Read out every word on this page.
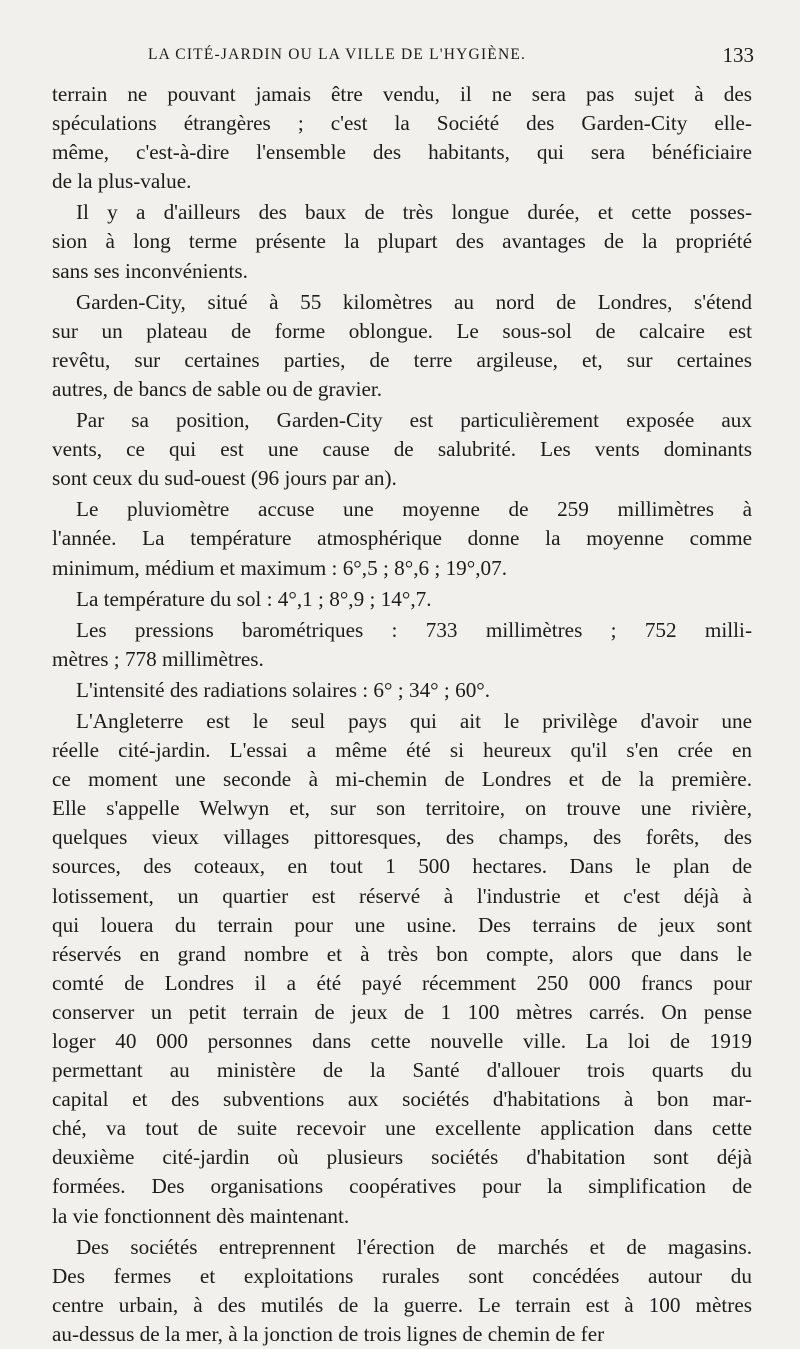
LA CITÉ-JARDIN OU LA VILLE DE L'HYGIÈNE.	133
terrain ne pouvant jamais être vendu, il ne sera pas sujet à des
spéculations étrangères ; c'est la Société des Garden-City elle-
même, c'est-à-dire l'ensemble des habitants, qui sera bénéficiaire
de la plus-value.
Il y a d'ailleurs des baux de très longue durée, et cette posses-
sion à long terme présente la plupart des avantages de la propriété
sans ses inconvénients.
Garden-City, situé à 55 kilomètres au nord de Londres, s'étend
sur un plateau de forme oblongue. Le sous-sol de calcaire est
revêtu, sur certaines parties, de terre argileuse, et, sur certaines
autres, de bancs de sable ou de gravier.
Par sa position, Garden-City est particulièrement exposée aux
vents, ce qui est une cause de salubrité. Les vents dominants
sont ceux du sud-ouest (96 jours par an).
Le pluviomètre accuse une moyenne de 259 millimètres à
l'année. La température atmosphérique donne la moyenne comme
minimum, médium et maximum : 6°,5 ; 8°,6 ; 19°,07.
La température du sol : 4°,1 ; 8°,9 ; 14°,7.
Les pressions barométriques : 733 millimètres ; 752 milli-
mètres ; 778 millimètres.
L'intensité des radiations solaires : 6° ; 34° ; 60°.
L'Angleterre est le seul pays qui ait le privilège d'avoir une
réelle cité-jardin. L'essai a même été si heureux qu'il s'en crée en
ce moment une seconde à mi-chemin de Londres et de la première.
Elle s'appelle Welwyn et, sur son territoire, on trouve une rivière,
quelques vieux villages pittoresques, des champs, des forêts, des
sources, des coteaux, en tout 1 500 hectares. Dans le plan de
lotissement, un quartier est réservé à l'industrie et c'est déjà à
qui louera du terrain pour une usine. Des terrains de jeux sont
réservés en grand nombre et à très bon compte, alors que dans le
comté de Londres il a été payé récemment 250 000 francs pour
conserver un petit terrain de jeux de 1 100 mètres carrés. On pense
loger 40 000 personnes dans cette nouvelle ville. La loi de 1919
permettant au ministère de la Santé d'allouer trois quarts du
capital et des subventions aux sociétés d'habitations à bon mar-
ché, va tout de suite recevoir une excellente application dans cette
deuxième cité-jardin où plusieurs sociétés d'habitation sont déjà
formées. Des organisations coopératives pour la simplification de
la vie fonctionnent dès maintenant.
Des sociétés entreprennent l'érection de marchés et de magasins.
Des fermes et exploitations rurales sont concédées autour du
centre urbain, à des mutilés de la guerre. Le terrain est à 100 mètres
au-dessus de la mer, à la jonction de trois lignes de chemin de fer
